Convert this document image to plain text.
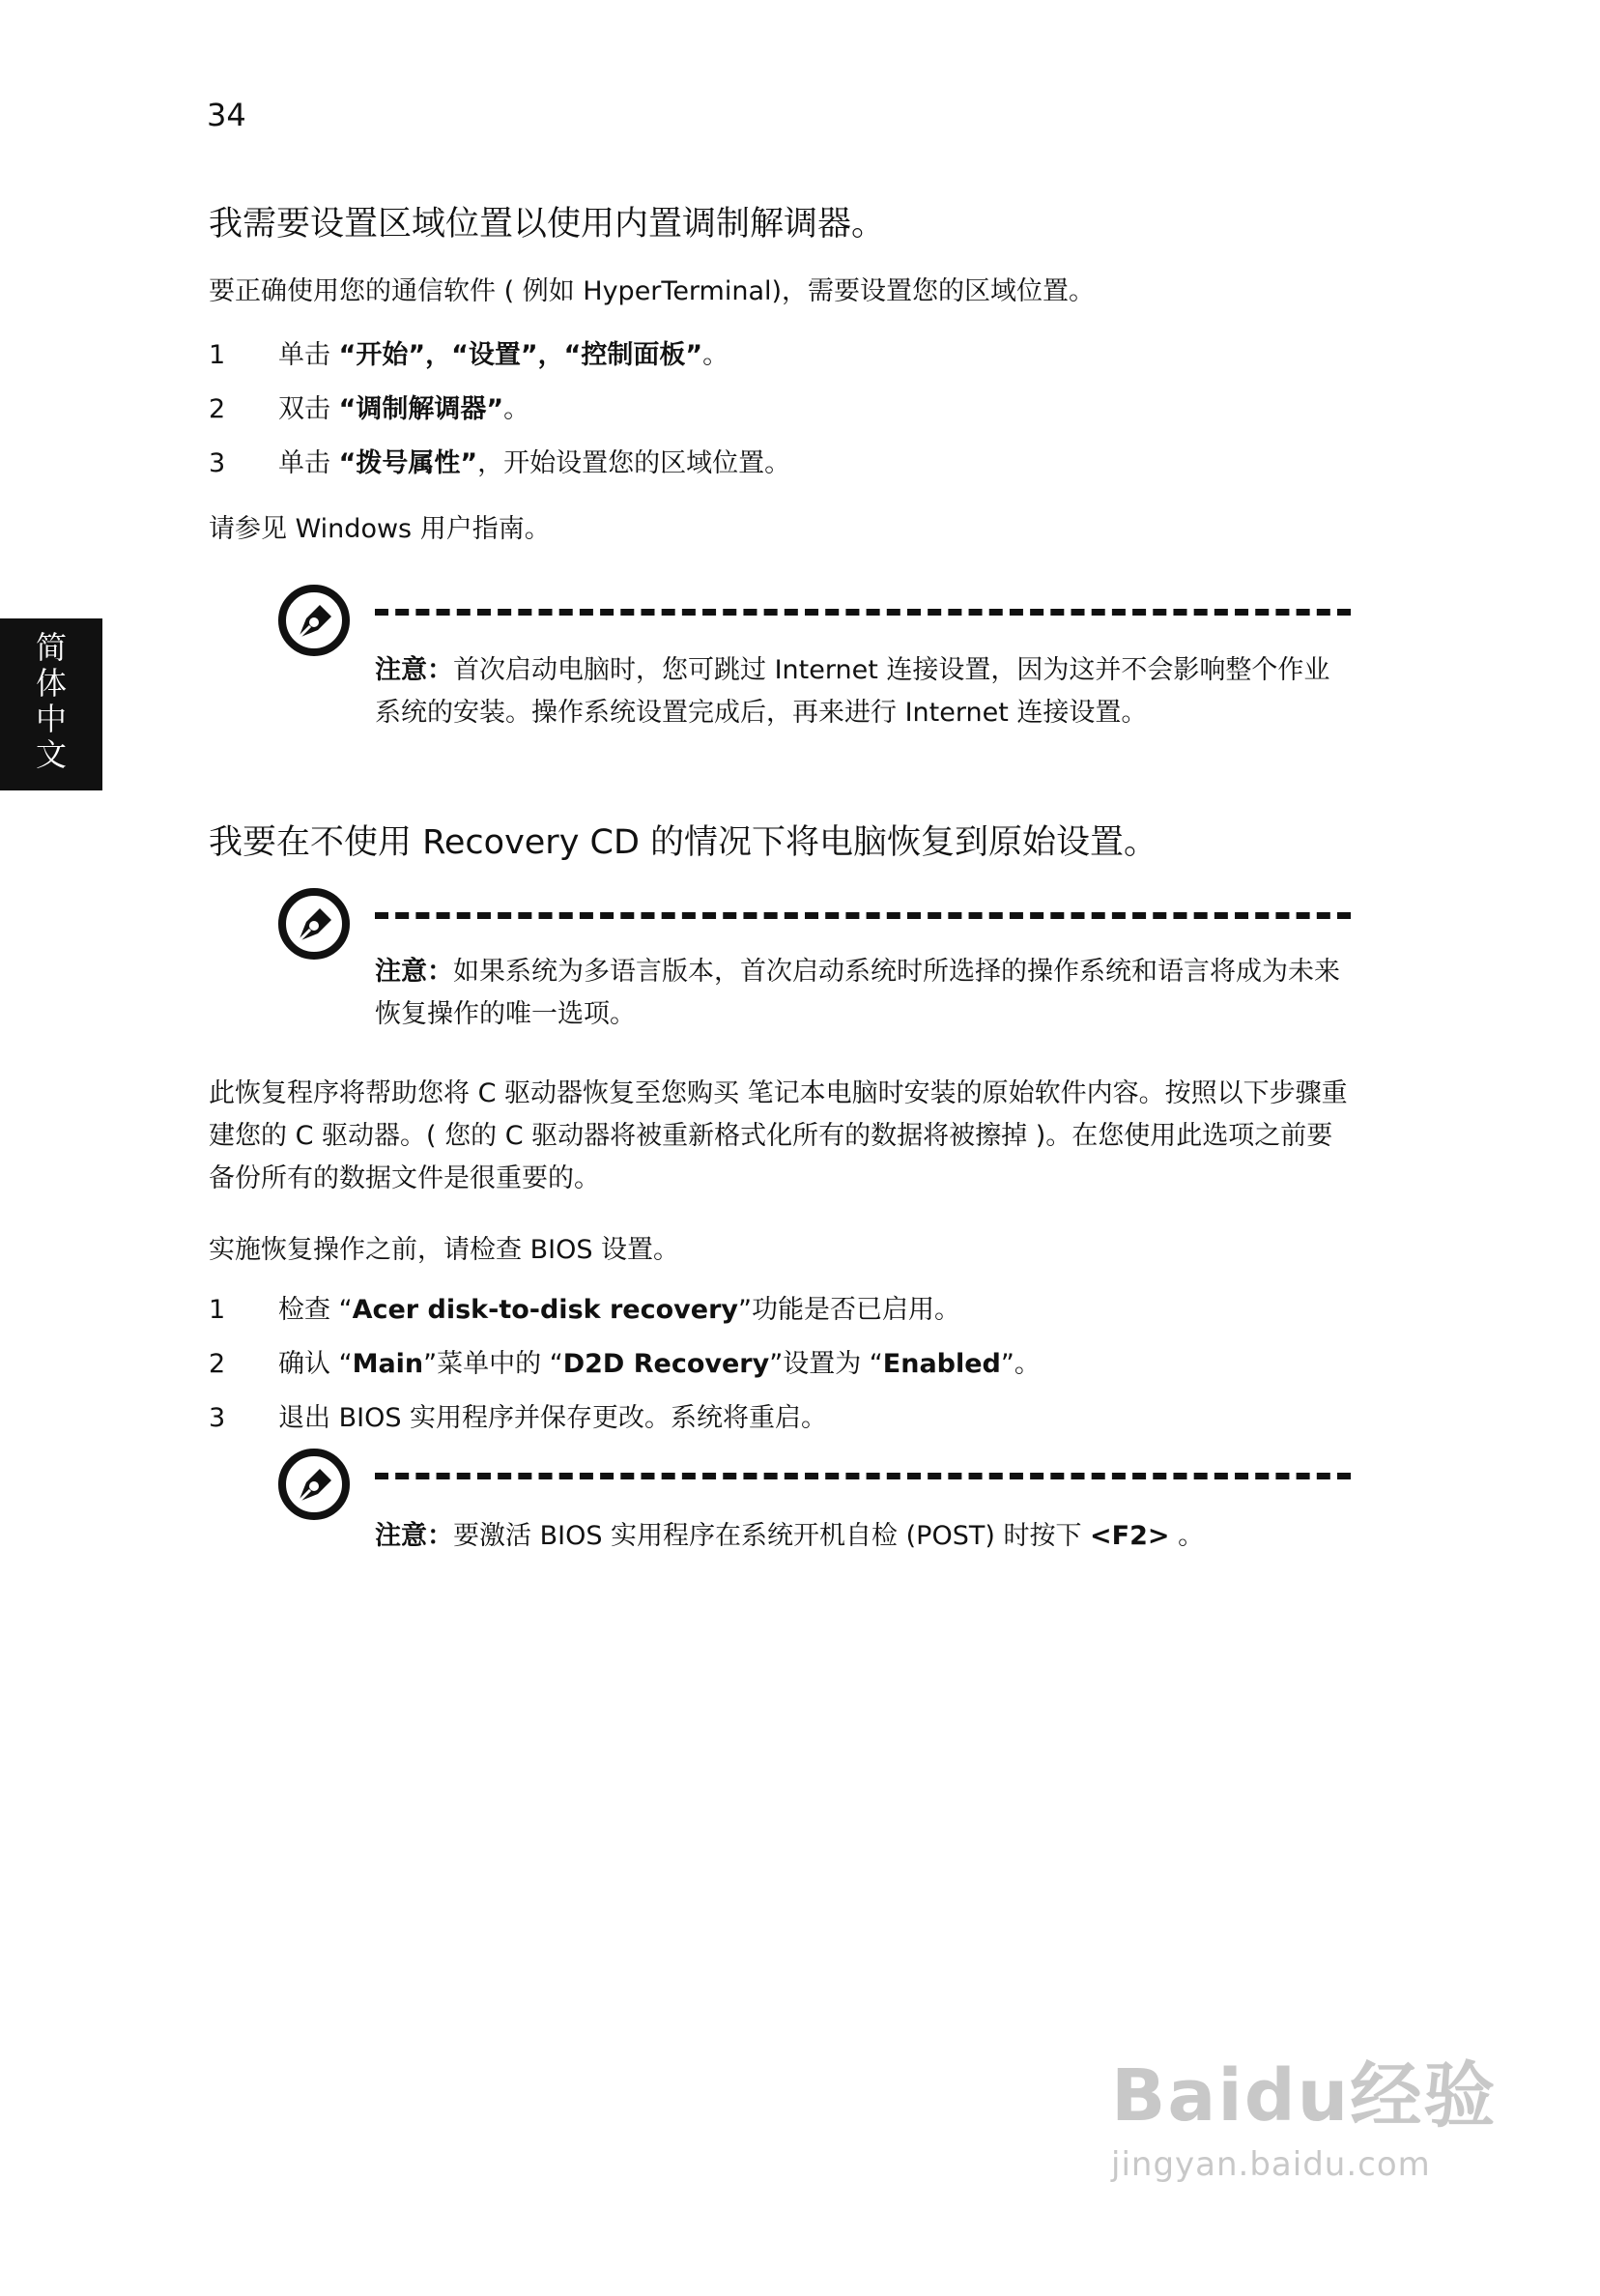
34
简
体
中
文
我需要设置区域位置以使用内置调制解调器。
要正确使用您的通信软件 ( 例如 HyperTerminal)，需要设置您的区域位置。
1 单击 “开始”，“设置”，“控制面板”。
2 双击 “调制解调器”。
3 单击 “拨号属性”，开始设置您的区域位置。
请参见 Windows 用户指南。
注意：首次启动电脑时，您可跳过 Internet 连接设置，因为这并不会影响整个作业系统的安装。操作系统设置完成后，再来进行 Internet 连接设置。
我要在不使用 Recovery CD 的情况下将电脑恢复到原始设置。
注意：如果系统为多语言版本，首次启动系统时所选择的操作系统和语言将成为未来恢复操作的唯一选项。
此恢复程序将帮助您将 C 驱动器恢复至您购买 笔记本电脑时安装的原始软件内容。按照以下步骤重建您的 C 驱动器。( 您的 C 驱动器将被重新格式化所有的数据将被擦掉 )。在您使用此选项之前要备份所有的数据文件是很重要的。
实施恢复操作之前，请检查 BIOS 设置。
1 检查 “Acer disk-to-disk recovery”功能是否已启用。
2 确认 “Main”菜单中的 “D2D Recovery”设置为 “Enabled”。
3 退出 BIOS 实用程序并保存更改。系统将重启。
注意：要激活 BIOS 实用程序在系统开机自检 (POST) 时按下 <F2> 。
Baidu经验
jingyan.baidu.com
